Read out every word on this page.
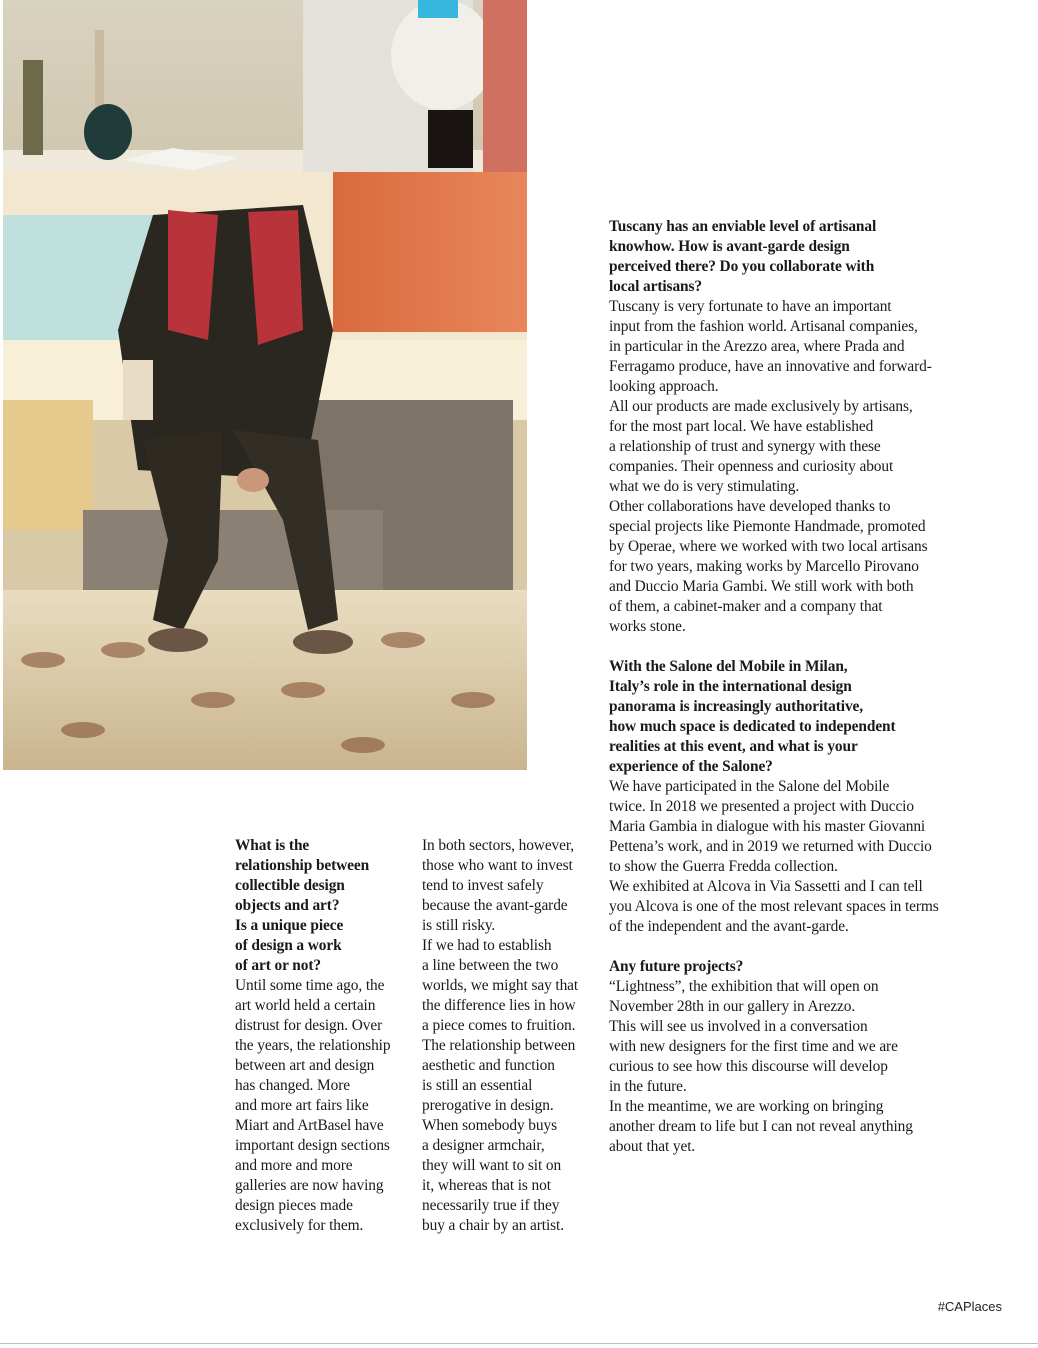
What is the
relationship between
collectible design
objects and art?
Is a unique piece
of design a work
of art or not?

Until some time ago, the
art world held a certain
distrust for design. Over
the years, the relationship
between art and design
has changed. More
and more art fairs like
Miart and ArtBasel have
important design sections
and more and more
galleries are now having
design pieces made
exclusively for them.

In both sectors, however,
those who want to invest
tend to invest safely
because the avant-garde
is still risky.

If we had to establish
a line between the two
worlds, we might say that
the difference lies in how
a piece comes to fruition.
The relationship between
aesthetic and function
is still an essential
prerogative in design.
When somebody buys
a designer armchair,
they will want to sit on
it, whereas that is not
necessarily true if they
buy a chair by an artist.

Tuscany has an enviable level of artisanal
knowhow. How is avant-garde design
perceived there? Do you collaborate with
local artisans?

Tuscany is very fortunate to have an important
input from the fashion world. Artisanal companies,
in particular in the Arezzo area, where Prada and
Ferragamo produce, have an innovative and forward-
looking approach.

All our products are made exclusively by artisans,
for the most part local. We have established
a relationship of trust and synergy with these
companies. Their openness and curiosity about
what we do is very stimulating.

Other collaborations have developed thanks to
special projects like Piemonte Handmade, promoted
by Operae, where we worked with two local artisans
for two years, making works by Marcello Pirovano
and Duccio Maria Gambi. We still work with both
of them, a cabinet-maker and a company that
works stone.

With the Salone del Mobile in Milan,
Italy’s role in the international design
panorama is increasingly authoritative,
how much space is dedicated to independent
realities at this event, and what is your
experience of the Salone?

We have participated in the Salone del Mobile
twice. In 2018 we presented a project with Duccio
Maria Gambia in dialogue with his master Giovanni
Pettena’s work, and in 2019 we returned with Duccio
to show the Guerra Fredda collection.

We exhibited at Alcova in Via Sassetti and I can tell
you Alcova is one of the most relevant spaces in terms
of the independent and the avant-garde.

Any future projects?

“Lightness”, the exhibition that will open on
November 28th in our gallery in Arezzo.
This will see us involved in a conversation
with new designers for the first time and we are
curious to see how this discourse will develop
in the future.

In the meantime, we are working on bringing
another dream to life but I can not reveal anything
about that yet.

#CAPlaces
